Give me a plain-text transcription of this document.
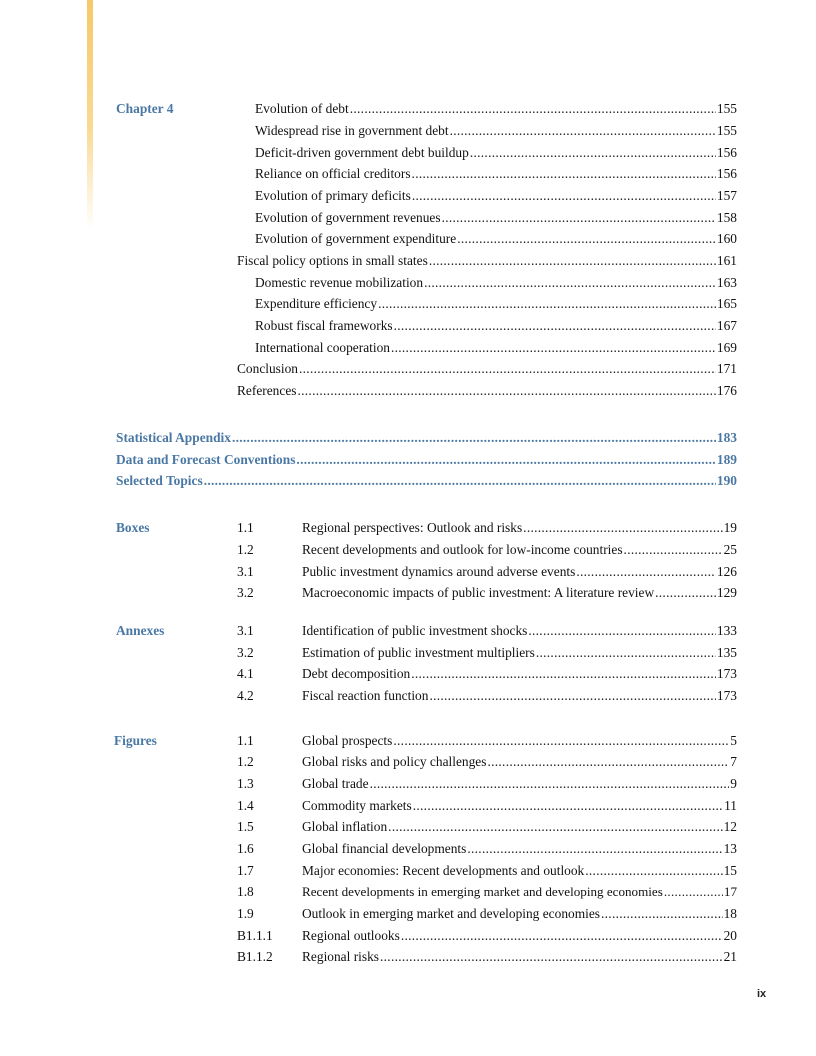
Chapter 4	Evolution of debt .....	155
Widespread rise in government debt .....	155
Deficit-driven government debt buildup .....	156
Reliance on official creditors .....	156
Evolution of primary deficits .....	157
Evolution of government revenues .....	158
Evolution of government expenditure .....	160
Fiscal policy options in small states .....	161
Domestic revenue mobilization .....	163
Expenditure efficiency .....	165
Robust fiscal frameworks .....	167
International cooperation .....	169
Conclusion .....	171
References .....	176
Statistical Appendix .....	183
Data and Forecast Conventions .....	189
Selected Topics .....	190
Boxes	1.1	Regional perspectives: Outlook and risks .....	19
1.2	Recent developments and outlook for low-income countries .....	25
3.1	Public investment dynamics around adverse events .....	126
3.2	Macroeconomic impacts of public investment: A literature review .....	129
Annexes	3.1	Identification of public investment shocks .....	133
3.2	Estimation of public investment multipliers .....	135
4.1	Debt decomposition .....	173
4.2	Fiscal reaction function .....	173
Figures	1.1	Global prospects .....	5
1.2	Global risks and policy challenges .....	7
1.3	Global trade .....	9
1.4	Commodity markets .....	11
1.5	Global inflation .....	12
1.6	Global financial developments .....	13
1.7	Major economies: Recent developments and outlook .....	15
1.8	Recent developments in emerging market and developing economies .....	17
1.9	Outlook in emerging market and developing economies .....	18
B1.1.1 Regional outlooks .....	20
B1.1.2 Regional risks .....	21
ix
